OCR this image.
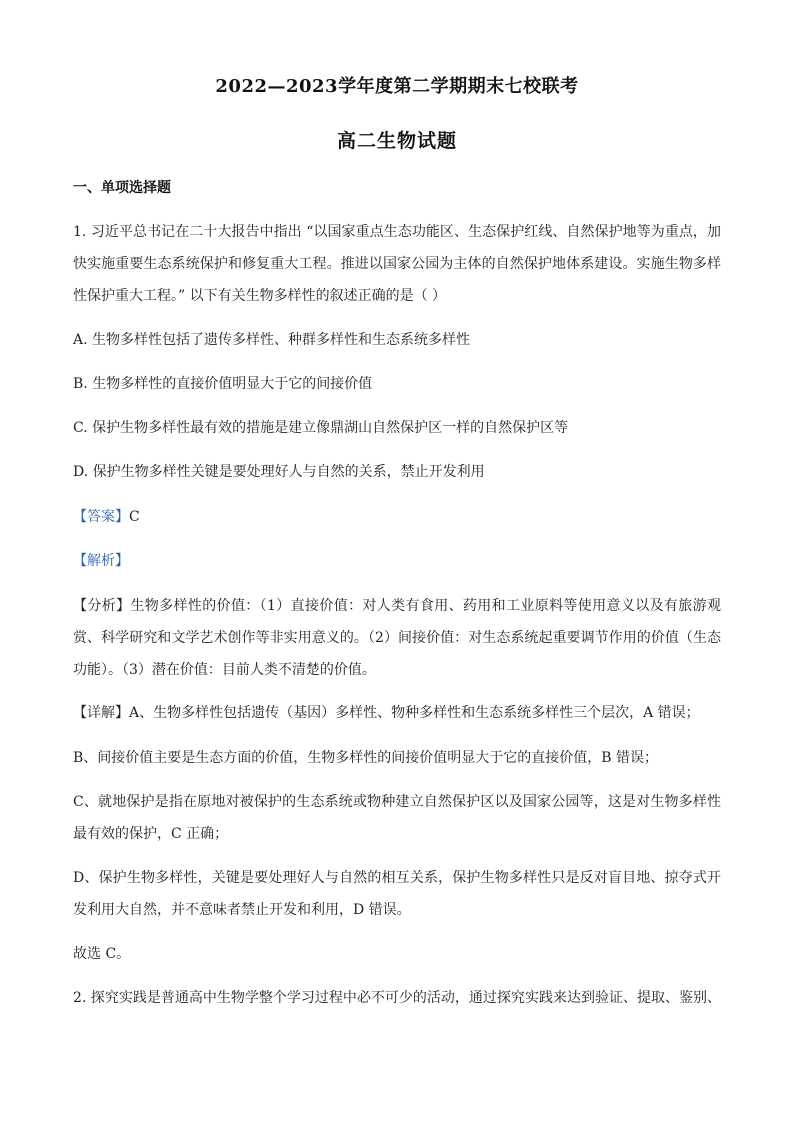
2022—2023学年度第二学期期末七校联考
高二生物试题
一、单项选择题
1. 习近平总书记在二十大报告中指出 “以国家重点生态功能区、生态保护红线、自然保护地等为重点，加
快实施重要生态系统保护和修复重大工程。推进以国家公园为主体的自然保护地体系建设。实施生物多样
性保护重大工程。” 以下有关生物多样性的叙述正确的是（ ）
A. 生物多样性包括了遗传多样性、种群多样性和生态系统多样性
B. 生物多样性的直接价值明显大于它的间接价值
C. 保护生物多样性最有效的措施是建立像鼎湖山自然保护区一样的自然保护区等
D. 保护生物多样性关键是要处理好人与自然的关系，禁止开发利用
【答案】C
【解析】
【分析】生物多样性的价值：（1）直接价值：对人类有食用、药用和工业原料等使用意义以及有旅游观
赏、科学研究和文学艺术创作等非实用意义的。（2）间接价值：对生态系统起重要调节作用的价值（生态
功能）。（3）潜在价值：目前人类不清楚的价值。
【详解】A、生物多样性包括遗传（基因）多样性、物种多样性和生态系统多样性三个层次，A 错误；
B、间接价值主要是生态方面的价值，生物多样性的间接价值明显大于它的直接价值，B 错误；
C、就地保护是指在原地对被保护的生态系统或物种建立自然保护区以及国家公园等，这是对生物多样性
最有效的保护，C 正确；
D、保护生物多样性，关键是要处理好人与自然的相互关系，保护生物多样性只是反对盲目地、掠夺式开
发利用大自然，并不意味者禁止开发和利用，D 错误。
故选 C。
2. 探究实践是普通高中生物学整个学习过程中必不可少的活动，通过探究实践来达到验证、提取、鉴别、
